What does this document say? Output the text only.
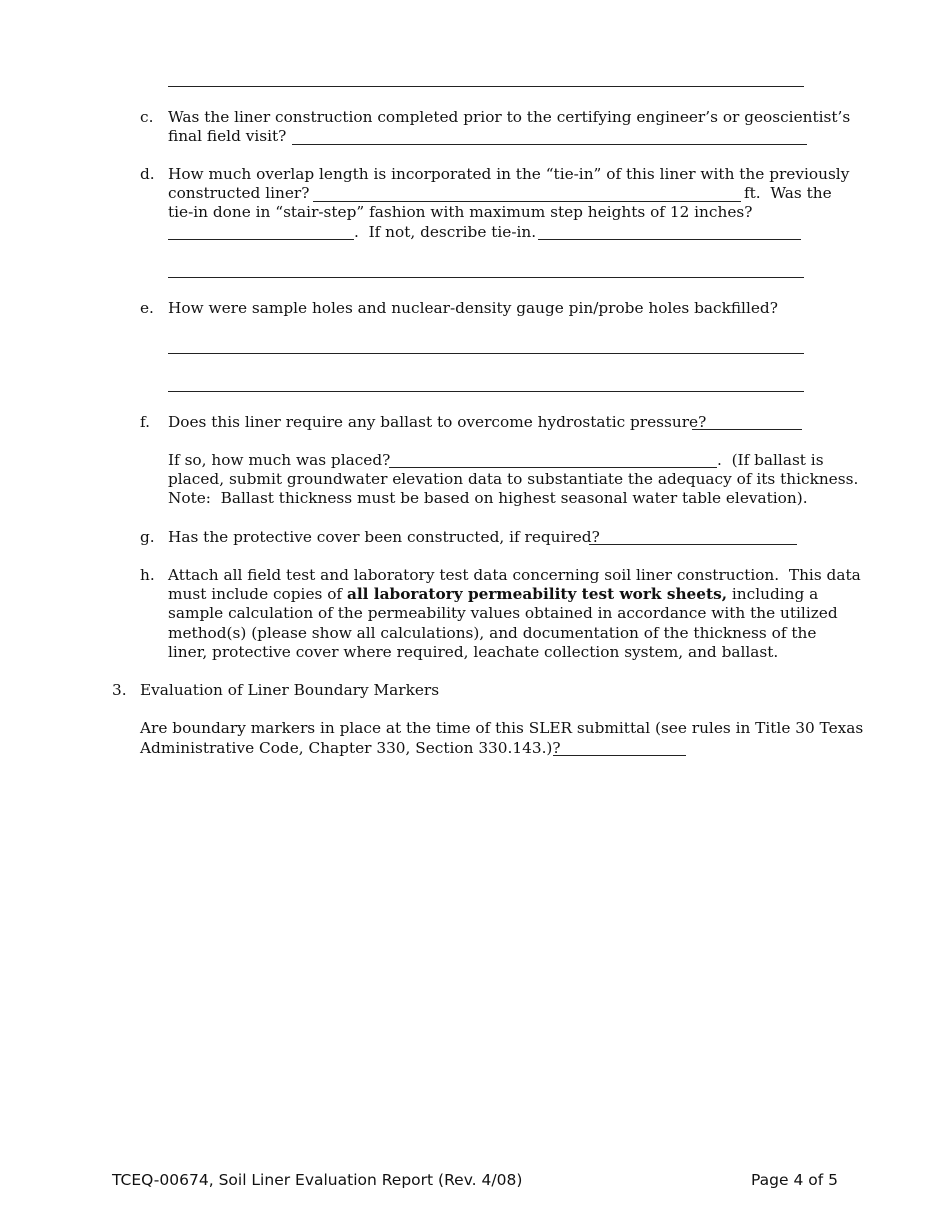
c. Was the liner construction completed prior to the certifying engineer’s or geoscientist’s
final field visit?
d. How much overlap length is incorporated in the “tie-in” of this liner with the previously
constructed liner?	ft.  Was the
tie-in done in “stair-step” fashion with maximum step heights of 12 inches?
.  If not, describe tie-in.
e. How were sample holes and nuclear-density gauge pin/probe holes backfilled?
f. Does this liner require any ballast to overcome hydrostatic pressure?
If so, how much was placed?	.  (If ballast is
placed, submit groundwater elevation data to substantiate the adequacy of its thickness.
Note:  Ballast thickness must be based on highest seasonal water table elevation).
g. Has the protective cover been constructed, if required?
h. Attach all field test and laboratory test data concerning soil liner construction.  This data
must include copies of all laboratory permeability test work sheets, including a
sample calculation of the permeability values obtained in accordance with the utilized
method(s) (please show all calculations), and documentation of the thickness of the
liner, protective cover where required, leachate collection system, and ballast.
3. Evaluation of Liner Boundary Markers
Are boundary markers in place at the time of this SLER submittal (see rules in Title 30 Texas
Administrative Code, Chapter 330, Section 330.143.)?
TCEQ-00674, Soil Liner Evaluation Report (Rev. 4/08)	Page 4 of 5
